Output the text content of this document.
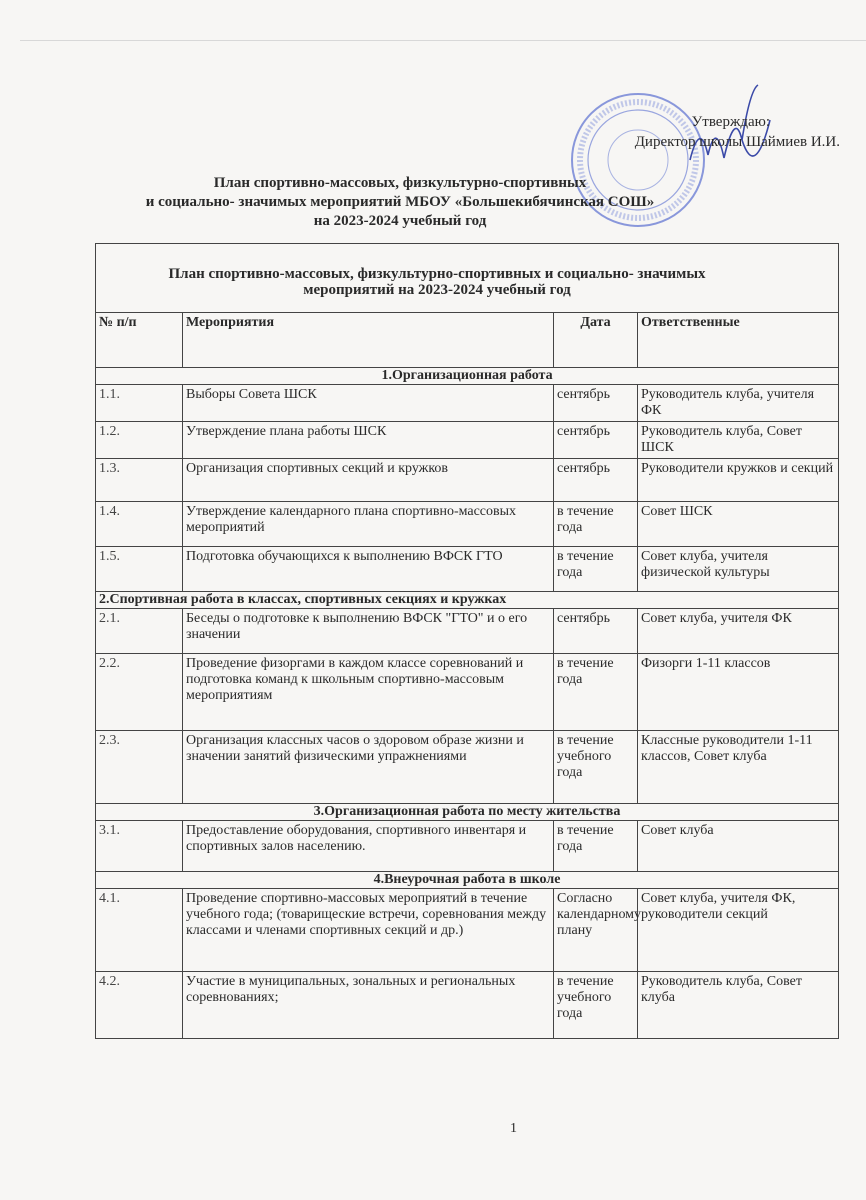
Утверждаю:
Директор школы Шаймиев И.И.
План спортивно-массовых, физкультурно-спортивных
и социально- значимых мероприятий МБОУ «Большекибячинская СОШ»
на 2023-2024 учебный год
План спортивно-массовых, физкультурно-спортивных и социально- значимых
мероприятий на 2023-2024 учебный год			
№ п/п	Мероприятия	Дата	Ответственные
1.Организационная работа			
1.1.	Выборы Совета ШСК	сентябрь	Руководитель клуба, учителя ФК
1.2.	Утверждение плана работы ШСК	сентябрь	Руководитель клуба, Совет ШСК
1.3.	Организация спортивных секций и кружков	сентябрь	Руководители кружков и секций
1.4.	Утверждение календарного плана спортивно-массовых мероприятий	в течение года	Совет ШСК
1.5.	Подготовка обучающихся к выполнению ВФСК ГТО	в течение года	Совет клуба, учителя физической культуры
2.Спортивная работа в классах, спортивных секциях и кружках			
2.1.	Беседы о подготовке к выполнению ВФСК "ГТО" и о его значении	сентябрь	Совет клуба, учителя ФК
2.2.	Проведение физоргами в каждом классе соревнований и подготовка команд к школьным спортивно-массовым мероприятиям	в течение года	Физорги 1-11 классов
2.3.	Организация классных часов о здоровом образе жизни и значении занятий физическими упражнениями	в течение учебного года	Классные руководители 1-11 классов, Совет клуба
3.Организационная работа по месту жительства			
3.1.	Предоставление оборудования, спортивного инвентаря и спортивных залов населению.	в течение года	Совет клуба
4.Внеурочная работа в школе			
4.1.	Проведение спортивно-массовых мероприятий в течение учебного года; (товарищеские встречи, соревнования между классами и членами спортивных секций и др.)	Согласно календарному плану	Совет клуба, учителя ФК, руководители секций
4.2.	Участие в муниципальных, зональных и региональных соревнованиях;	в течение учебного года	Руководитель клуба, Совет клуба
1
